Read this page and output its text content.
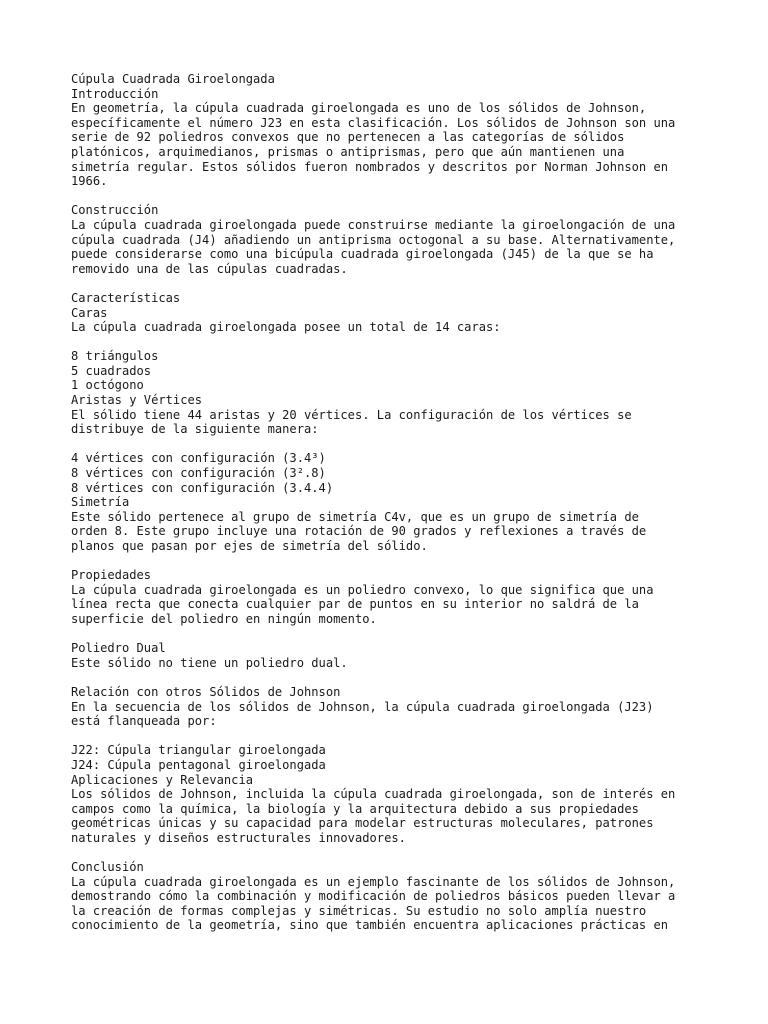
Cúpula Cuadrada Giroelongada
Introducción
En geometría, la cúpula cuadrada giroelongada es uno de los sólidos de Johnson,
específicamente el número J23 en esta clasificación. Los sólidos de Johnson son una
serie de 92 poliedros convexos que no pertenecen a las categorías de sólidos
platónicos, arquimedianos, prismas o antiprismas, pero que aún mantienen una
simetría regular. Estos sólidos fueron nombrados y descritos por Norman Johnson en
1966.
Construcción
La cúpula cuadrada giroelongada puede construirse mediante la giroelongación de una
cúpula cuadrada (J4) añadiendo un antiprisma octogonal a su base. Alternativamente,
puede considerarse como una bicúpula cuadrada giroelongada (J45) de la que se ha
removido una de las cúpulas cuadradas.
Características
Caras
La cúpula cuadrada giroelongada posee un total de 14 caras:
8 triángulos
5 cuadrados
1 octógono
Aristas y Vértices
El sólido tiene 44 aristas y 20 vértices. La configuración de los vértices se
distribuye de la siguiente manera:
4 vértices con configuración (3.4³)
8 vértices con configuración (3².8)
8 vértices con configuración (3.4.4)
Simetría
Este sólido pertenece al grupo de simetría C4v, que es un grupo de simetría de
orden 8. Este grupo incluye una rotación de 90 grados y reflexiones a través de
planos que pasan por ejes de simetría del sólido.
Propiedades
La cúpula cuadrada giroelongada es un poliedro convexo, lo que significa que una
línea recta que conecta cualquier par de puntos en su interior no saldrá de la
superficie del poliedro en ningún momento.
Poliedro Dual
Este sólido no tiene un poliedro dual.
Relación con otros Sólidos de Johnson
En la secuencia de los sólidos de Johnson, la cúpula cuadrada giroelongada (J23)
está flanqueada por:
J22: Cúpula triangular giroelongada
J24: Cúpula pentagonal giroelongada
Aplicaciones y Relevancia
Los sólidos de Johnson, incluida la cúpula cuadrada giroelongada, son de interés en
campos como la química, la biología y la arquitectura debido a sus propiedades
geométricas únicas y su capacidad para modelar estructuras moleculares, patrones
naturales y diseños estructurales innovadores.
Conclusión
La cúpula cuadrada giroelongada es un ejemplo fascinante de los sólidos de Johnson,
demostrando cómo la combinación y modificación de poliedros básicos pueden llevar a
la creación de formas complejas y simétricas. Su estudio no solo amplía nuestro
conocimiento de la geometría, sino que también encuentra aplicaciones prácticas en
